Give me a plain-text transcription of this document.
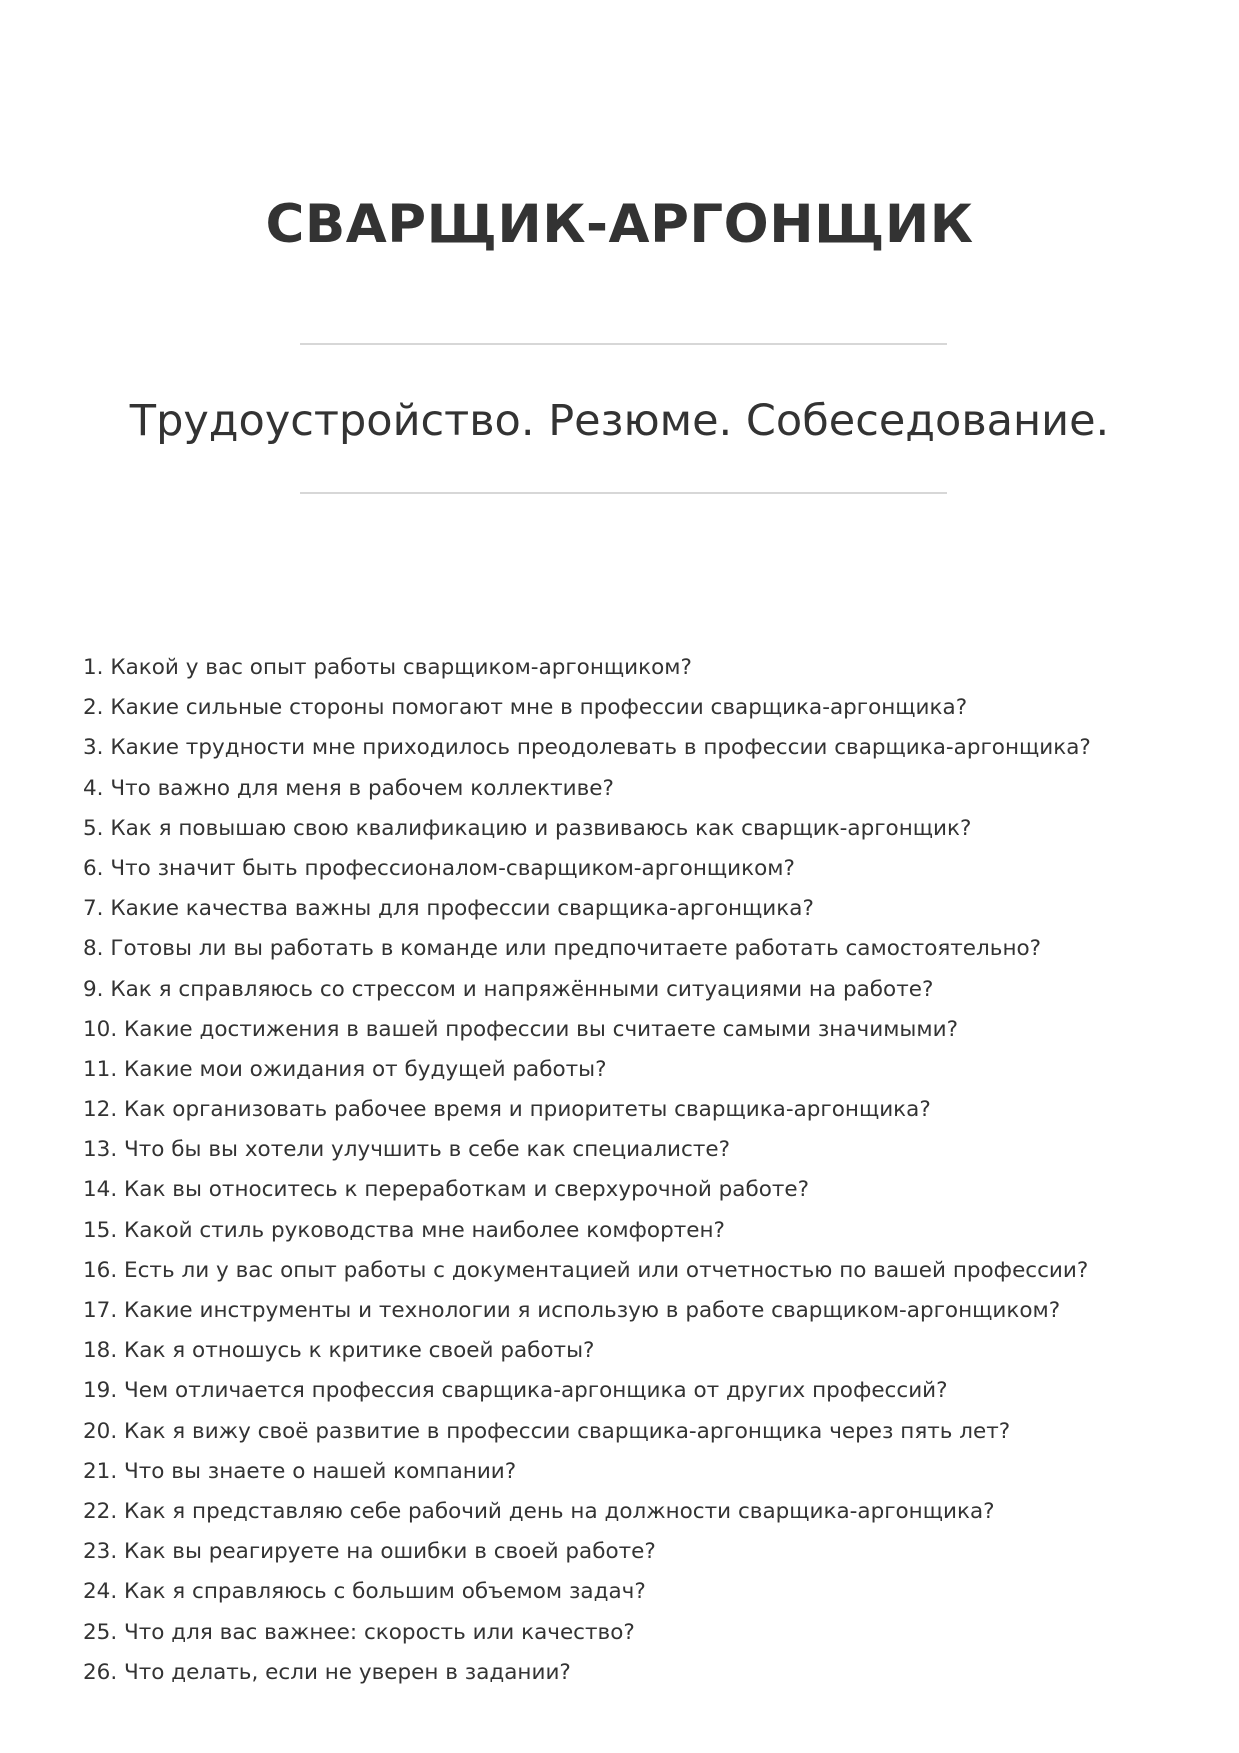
СВАРЩИК-АРГОНЩИК
Трудоустройство. Резюме. Собеседование.
1. Какой у вас опыт работы сварщиком-аргонщиком?
2. Какие сильные стороны помогают мне в профессии сварщика-аргонщика?
3. Какие трудности мне приходилось преодолевать в профессии сварщика-аргонщика?
4. Что важно для меня в рабочем коллективе?
5. Как я повышаю свою квалификацию и развиваюсь как сварщик-аргонщик?
6. Что значит быть профессионалом-сварщиком-аргонщиком?
7. Какие качества важны для профессии сварщика-аргонщика?
8. Готовы ли вы работать в команде или предпочитаете работать самостоятельно?
9. Как я справляюсь со стрессом и напряжёнными ситуациями на работе?
10. Какие достижения в вашей профессии вы считаете самыми значимыми?
11. Какие мои ожидания от будущей работы?
12. Как организовать рабочее время и приоритеты сварщика-аргонщика?
13. Что бы вы хотели улучшить в себе как специалисте?
14. Как вы относитесь к переработкам и сверхурочной работе?
15. Какой стиль руководства мне наиболее комфортен?
16. Есть ли у вас опыт работы с документацией или отчетностью по вашей профессии?
17. Какие инструменты и технологии я использую в работе сварщиком-аргонщиком?
18. Как я отношусь к критике своей работы?
19. Чем отличается профессия сварщика-аргонщика от других профессий?
20. Как я вижу своё развитие в профессии сварщика-аргонщика через пять лет?
21. Что вы знаете о нашей компании?
22. Как я представляю себе рабочий день на должности сварщика-аргонщика?
23. Как вы реагируете на ошибки в своей работе?
24. Как я справляюсь с большим объемом задач?
25. Что для вас важнее: скорость или качество?
26. Что делать, если не уверен в задании?
